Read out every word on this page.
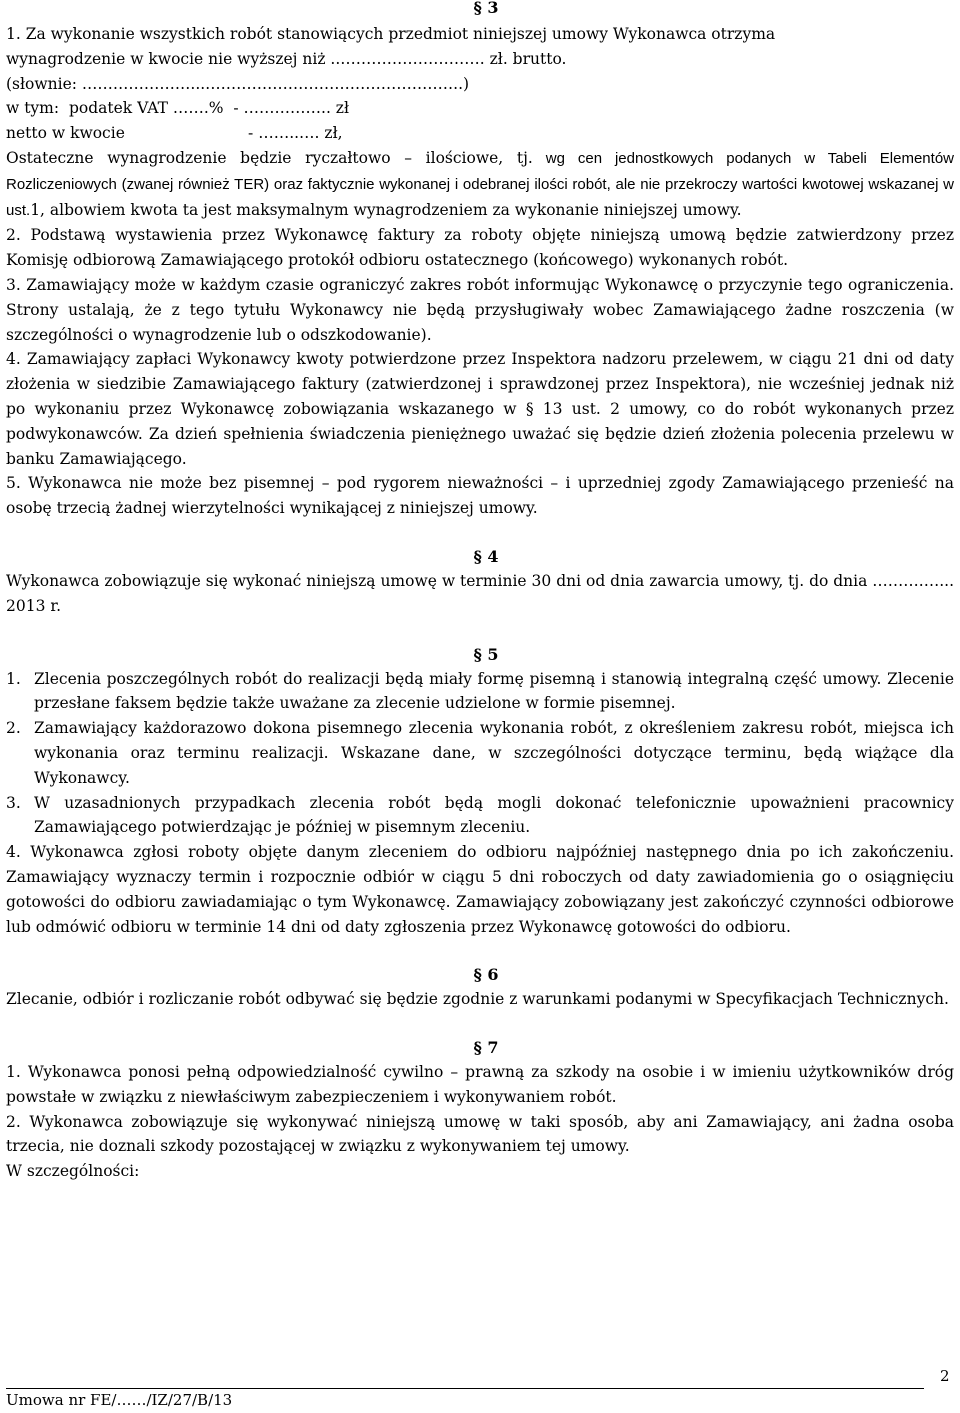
§ 3
1. Za wykonanie wszystkich robót stanowiących przedmiot niniejszej umowy Wykonawca otrzyma
wynagrodzenie w kwocie nie wyższej niż ..………………………. zł. brutto.
(słownie: …………………...…………………………………………..)
w tym:  podatek VAT …….%  - …………….. zł
netto w kwocie                         - ……..…. zł,
Ostateczne wynagrodzenie będzie ryczałtowo – ilościowe, tj. wg cen jednostkowych podanych w Tabeli Elementów Rozliczeniowych (zwanej również TER) oraz faktycznie wykonanej i odebranej ilości robót, ale nie przekroczy wartości kwotowej wskazanej w ust.1, albowiem kwota ta jest maksymalnym wynagrodzeniem za wykonanie niniejszej umowy.
2. Podstawą wystawienia przez Wykonawcę faktury za roboty objęte niniejszą umową będzie zatwierdzony przez Komisję odbiorową Zamawiającego protokół odbioru ostatecznego (końcowego) wykonanych robót.
3. Zamawiający może w każdym czasie ograniczyć zakres robót informując Wykonawcę o przyczynie tego ograniczenia. Strony ustalają, że z tego tytułu Wykonawcy nie będą przysługiwały wobec Zamawiającego żadne roszczenia (w szczególności o wynagrodzenie lub o odszkodowanie).
4. Zamawiający zapłaci Wykonawcy kwoty potwierdzone przez Inspektora nadzoru przelewem, w ciągu 21 dni od daty złożenia w siedzibie Zamawiającego faktury (zatwierdzonej i sprawdzonej przez Inspektora), nie wcześniej jednak niż po wykonaniu przez Wykonawcę zobowiązania wskazanego w § 13 ust. 2 umowy, co do robót wykonanych przez podwykonawców. Za dzień spełnienia świadczenia pieniężnego uważać się będzie dzień złożenia polecenia przelewu w banku Zamawiającego.
5. Wykonawca nie może bez pisemnej – pod rygorem nieważności – i uprzedniej zgody Zamawiającego przenieść na osobę trzecią żadnej wierzytelności wynikającej z niniejszej umowy.
§ 4
Wykonawca zobowiązuje się wykonać niniejszą umowę w terminie 30 dni od dnia zawarcia umowy, tj. do dnia ……….…... 2013 r.
§ 5
1. Zlecenia poszczególnych robót do realizacji będą miały formę pisemną i stanowią integralną część umowy. Zlecenie przesłane faksem będzie także uważane za zlecenie udzielone w formie pisemnej.
2. Zamawiający każdorazowo dokona pisemnego zlecenia wykonania robót, z określeniem zakresu robót, miejsca ich wykonania oraz terminu realizacji. Wskazane dane, w szczególności dotyczące terminu, będą wiążące dla Wykonawcy.
3. W uzasadnionych przypadkach zlecenia robót będą mogli dokonać telefonicznie upoważnieni pracownicy Zamawiającego potwierdzając je później w pisemnym zleceniu.
4. Wykonawca zgłosi roboty objęte danym zleceniem do odbioru najpóźniej następnego dnia po ich zakończeniu. Zamawiający wyznaczy termin i rozpocznie odbiór w ciągu 5 dni roboczych od daty zawiadomienia go o osiągnięciu gotowości do odbioru zawiadamiając o tym Wykonawcę. Zamawiający zobowiązany jest zakończyć czynności odbiorowe lub odmówić odbioru w terminie 14 dni od daty zgłoszenia przez Wykonawcę gotowości do odbioru.
§ 6
Zlecanie, odbiór i rozliczanie robót odbywać się będzie zgodnie z warunkami podanymi w Specyfikacjach Technicznych.
§ 7
1. Wykonawca ponosi pełną odpowiedzialność cywilno – prawną za szkody na osobie i w imieniu użytkowników dróg powstałe w związku z niewłaściwym zabezpieczeniem i wykonywaniem robót.
2. Wykonawca zobowiązuje się wykonywać niniejszą umowę w taki sposób, aby ani Zamawiający, ani żadna osoba trzecia, nie doznali szkody pozostającej w związku z wykonywaniem tej umowy.
W szczególności:
2
Umowa nr FE/……/IZ/27/B/13
